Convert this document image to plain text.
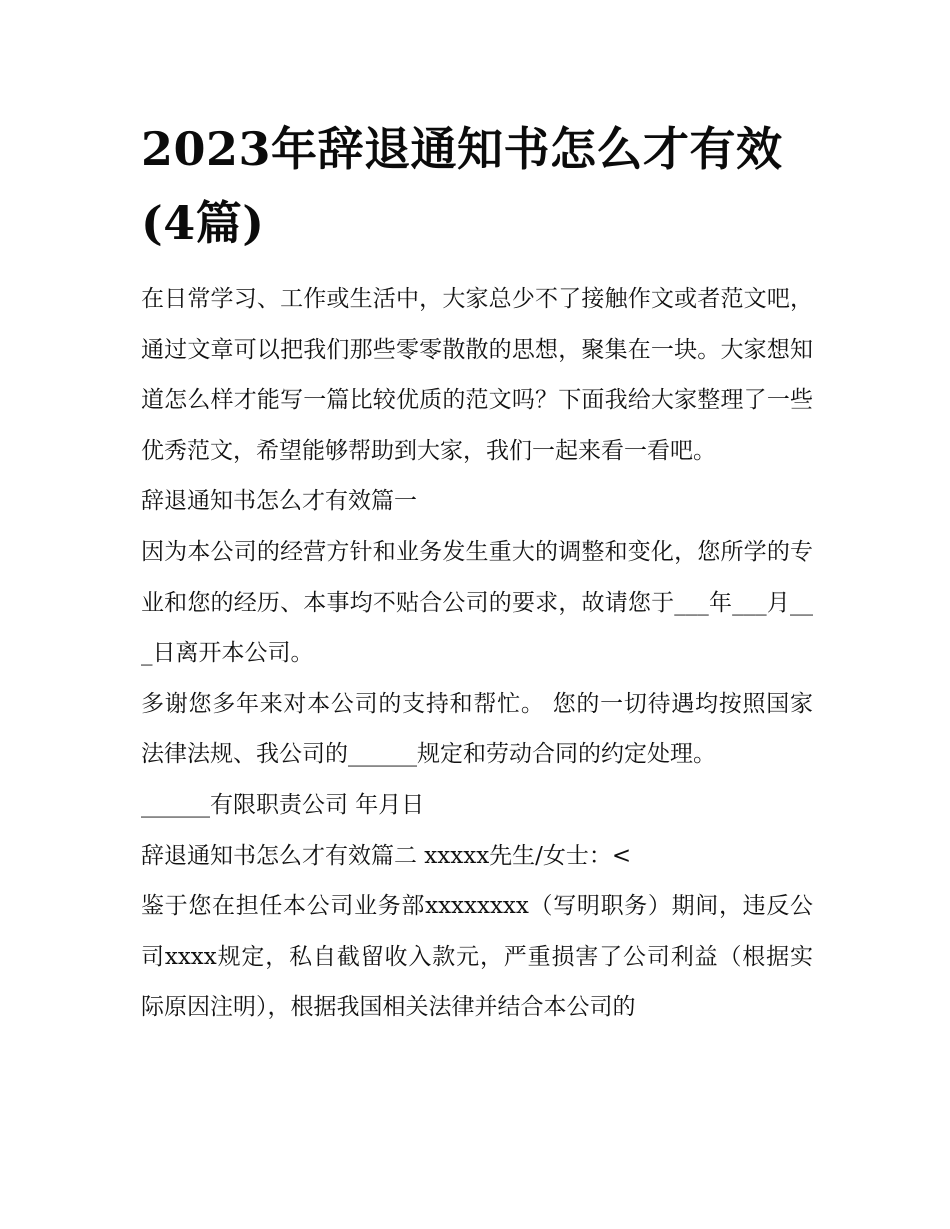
2023年辞退通知书怎么才有效(4篇)

在日常学习、工作或生活中，大家总少不了接触作文或者范文吧，通过文章可以把我们那些零零散散的思想，聚集在一块。大家想知道怎么样才能写一篇比较优质的范文吗？下面我给大家整理了一些优秀范文，希望能够帮助到大家，我们一起来看一看吧。

辞退通知书怎么才有效篇一

因为本公司的经营方针和业务发生重大的调整和变化，您所学的专业和您的经历、本事均不贴合公司的要求，故请您于___年___月___日离开本公司。

多谢您多年来对本公司的支持和帮忙。 您的一切待遇均按照国家法律法规、我公司的______规定和劳动合同的约定处理。

______有限职责公司 年月日

辞退通知书怎么才有效篇二 xxxxx先生/女士：<

鉴于您在担任本公司业务部xxxxxxxx（写明职务）期间，违反公司xxxx规定，私自截留收入款元，严重损害了公司利益（根据实际原因注明），根据我国相关法律并结合本公司的
